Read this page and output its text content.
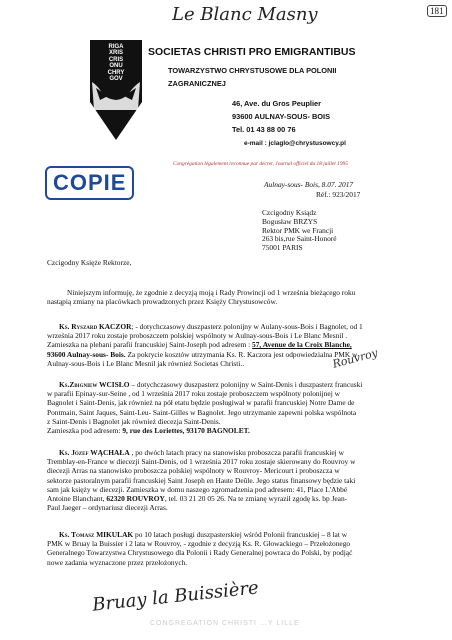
Le Blanc Masny	181
RIGA
XRIS
CRIS
ONU
CHRY
GOV
SOCIETAS CHRISTI PRO EMIGRANTIBUS
TOWARZYSTWO CHRYSTUSOWE DLA POLONII
ZAGRANICZNEJ
46, Ave. du Gros Peuplier
93600 AULNAY-SOUS- BOIS
Tel. 01 43 88 00 76
e-mail : jclaglo@chrystusowcy.pl
Congrégation légalement reconnue par décret, Journal officiel du 18 juillet 1995
COPIE	Aulnay-sous- Bois, 8.07. 2017
Réf.: 923/2017
Czcigodny Ksiądz
Bogusław BRZYS
Rektor PMK we Francji
263 bis,rue Saint-Honoré
75001 PARIS
Czcigodny Księże Rektorze,
Niniejszym informuję, że zgodnie z decyzją moją i Rady Prowincji od 1 września bieżącego roku
nastąpią zmiany na placówkach prowadzonych przez Księży Chrystusowców.
Ks. Ryszard KACZOR; - dotychczasowy duszpasterz polonijny w Aulany-sous-Bois i Bagnolet, od 1
września 2017 roku zostaje proboszczem polskiej wspólnoty w Aulnay-sous-Bois i Le Blanc Mesnil .
Zamieszka na plebani parafii francuskiej Saint-Joseph pod adresem : 57, Avenue de la Croix Blanche,
93600 Aulnay-sous- Bois. Za pokrycie kosztów utrzymania Ks. R. Kaczora jest odpowiedzialna PMK w
Aulnay-sous-Bois i Le Blanc Mesnil jak również Societas Christi..	Rouvroy
Ks.Zbigniew WCISŁO – dotychczasowy duszpasterz polonijny w Saint-Denis i duszpasterz francuski
w parafii Epinay-sur-Seine , od 1 września 2017 roku zostaje proboszczem wspólnoty polonijnej w
Bagnolet i Saint-Denis, jak również na pół etatu będzie posługiwał w parafii francuskiej Notre Dame de
Pontmain, Saint Jaques, Saint-Leu- Saint-Gilles w Bagnolet. Jego utrzymanie zapewni polska wspólnota
z Saint-Denis i Bagnolet jak również diecezja Saint-Denis.
Zamieszka pod adresem: 9, rue des Loriettes, 93170 BAGNOLET.
Ks. Józef WĄCHAŁA , po dwóch latach pracy na stanowisku proboszcza parafii francuskiej w
Tremblay-en-France w diecezji Saint-Denis, od 1 września 2017 roku zostaje skierowany do Rouvroy w
diecezji Arras na stanowisko proboszcza polskiej wspólnoty w Rouvroy- Mericourt i proboszcza w
sektorze pastoralnym parafii francuskiej Saint Joseph en Haute Deûle. Jego status finansowy będzie taki
sam jak księży w diecezji. Zamieszka w domu naszego zgromadzenia pod adresem: 41, Place L'Abbé
Antoine Blanchant, 62320 ROUVROY, tel. 03 21 20 05 26. Na te zmianę wyraził zgodę ks. bp Jean-
Paul Jaeger – ordynariusz diecezji Arras.
Ks. Tomasz MIKULAK po 10 latach posługi duszpasterskiej wśród Polonii francuskiej – 8 lat w
PMK w Bruay la Buissier i 2 lata w Rouvroy, - zgodnie z decyzją Ks. R. Głowackiego – Przełożonego
Generalnego Towarzystwa Chrystusowego dla Polonii i Rady Generalnej powraca do Polski, by podjąć
nowe zadania wyznaczone przez przełożonych.
Bruay la Buissière
CONGREGATION CHRISTI …Y LILLE
